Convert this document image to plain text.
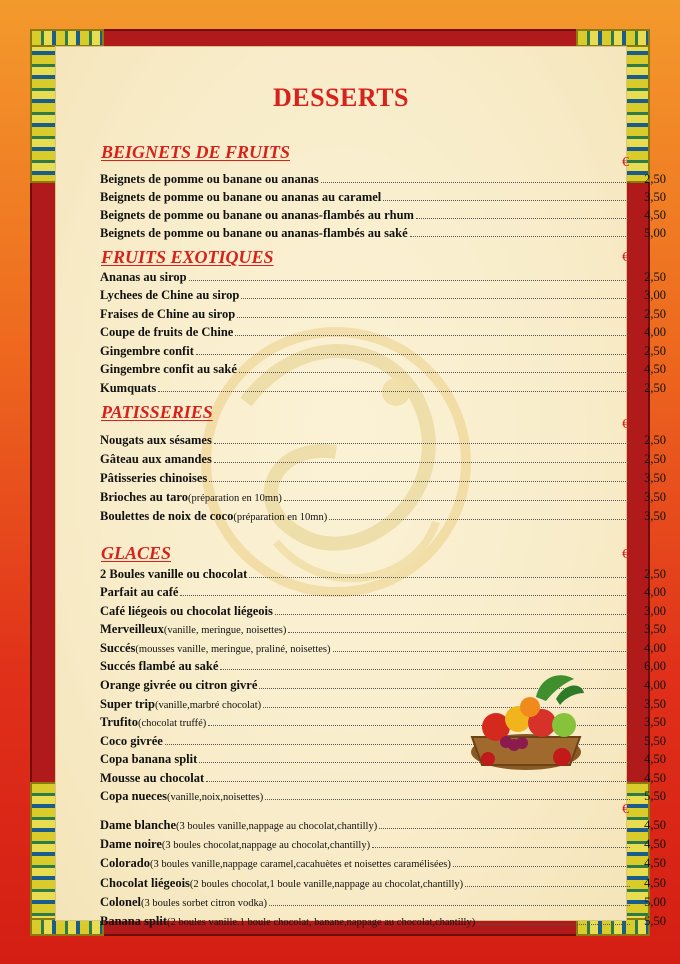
DESSERTS
BEIGNETS DE FRUITS
€
Beignets de pomme ou banane ou ananas	2,50
Beignets de pomme ou banane ou ananas au caramel	3,50
Beignets de pomme ou banane ou ananas-flambés au rhum	4,50
Beignets de pomme ou banane ou ananas-flambés au saké	5,00
FRUITS EXOTIQUES	€
Ananas au sirop	2,50
Lychees de Chine au sirop	3,00
Fraises de Chine au sirop	2,50
Coupe de fruits de Chine	4,00
Gingembre confit	2,50
Gingembre confit au saké	4,50
Kumquats	2,50
PATISSERIES
€
Nougats aux sésames	2,50
Gâteau aux amandes	2,50
Pâtisseries chinoises	3,50
Brioches au taro (préparation en 10mn)	3,50
Boulettes de noix de coco (préparation en 10mn)	3,50
GLACES	€
2 Boules vanille ou chocolat	2,50
Parfait au café	4,00
Café liégeois ou chocolat liégeois	3,00
Merveilleux (vanille, meringue, noisettes)	3,50
Succés (mousses vanille, meringue, praliné, noisettes)	4,00
Succés flambé au saké	6,00
Orange givrée ou citron givré	4,00
Super trip (vanille,marbré chocolat)	3,50
Trufito (chocolat truffé)	3,50
Coco givrée	5,50
Copa banana split	4,50
Mousse au chocolat	4,50
Copa nueces (vanille,noix,noisettes)	5,50
€
Dame blanche (3 boules vanille,nappage au chocolat,chantilly)	4,50
Dame noire (3 boules chocolat,nappage au chocolat,chantilly)	4,50
Colorado (3 boules vanille,nappage caramel,cacahuètes et noisettes caramélisées)	4,50
Chocolat liégeois (2 boules chocolat,1 boule vanille,nappage au chocolat,chantilly)	4,50
Colonel (3 boules sorbet citron vodka)	5,00
Banana split (2 boules vanille.1 boule chocolat, banane,nappage au chocolat,chantilly)	5,50
